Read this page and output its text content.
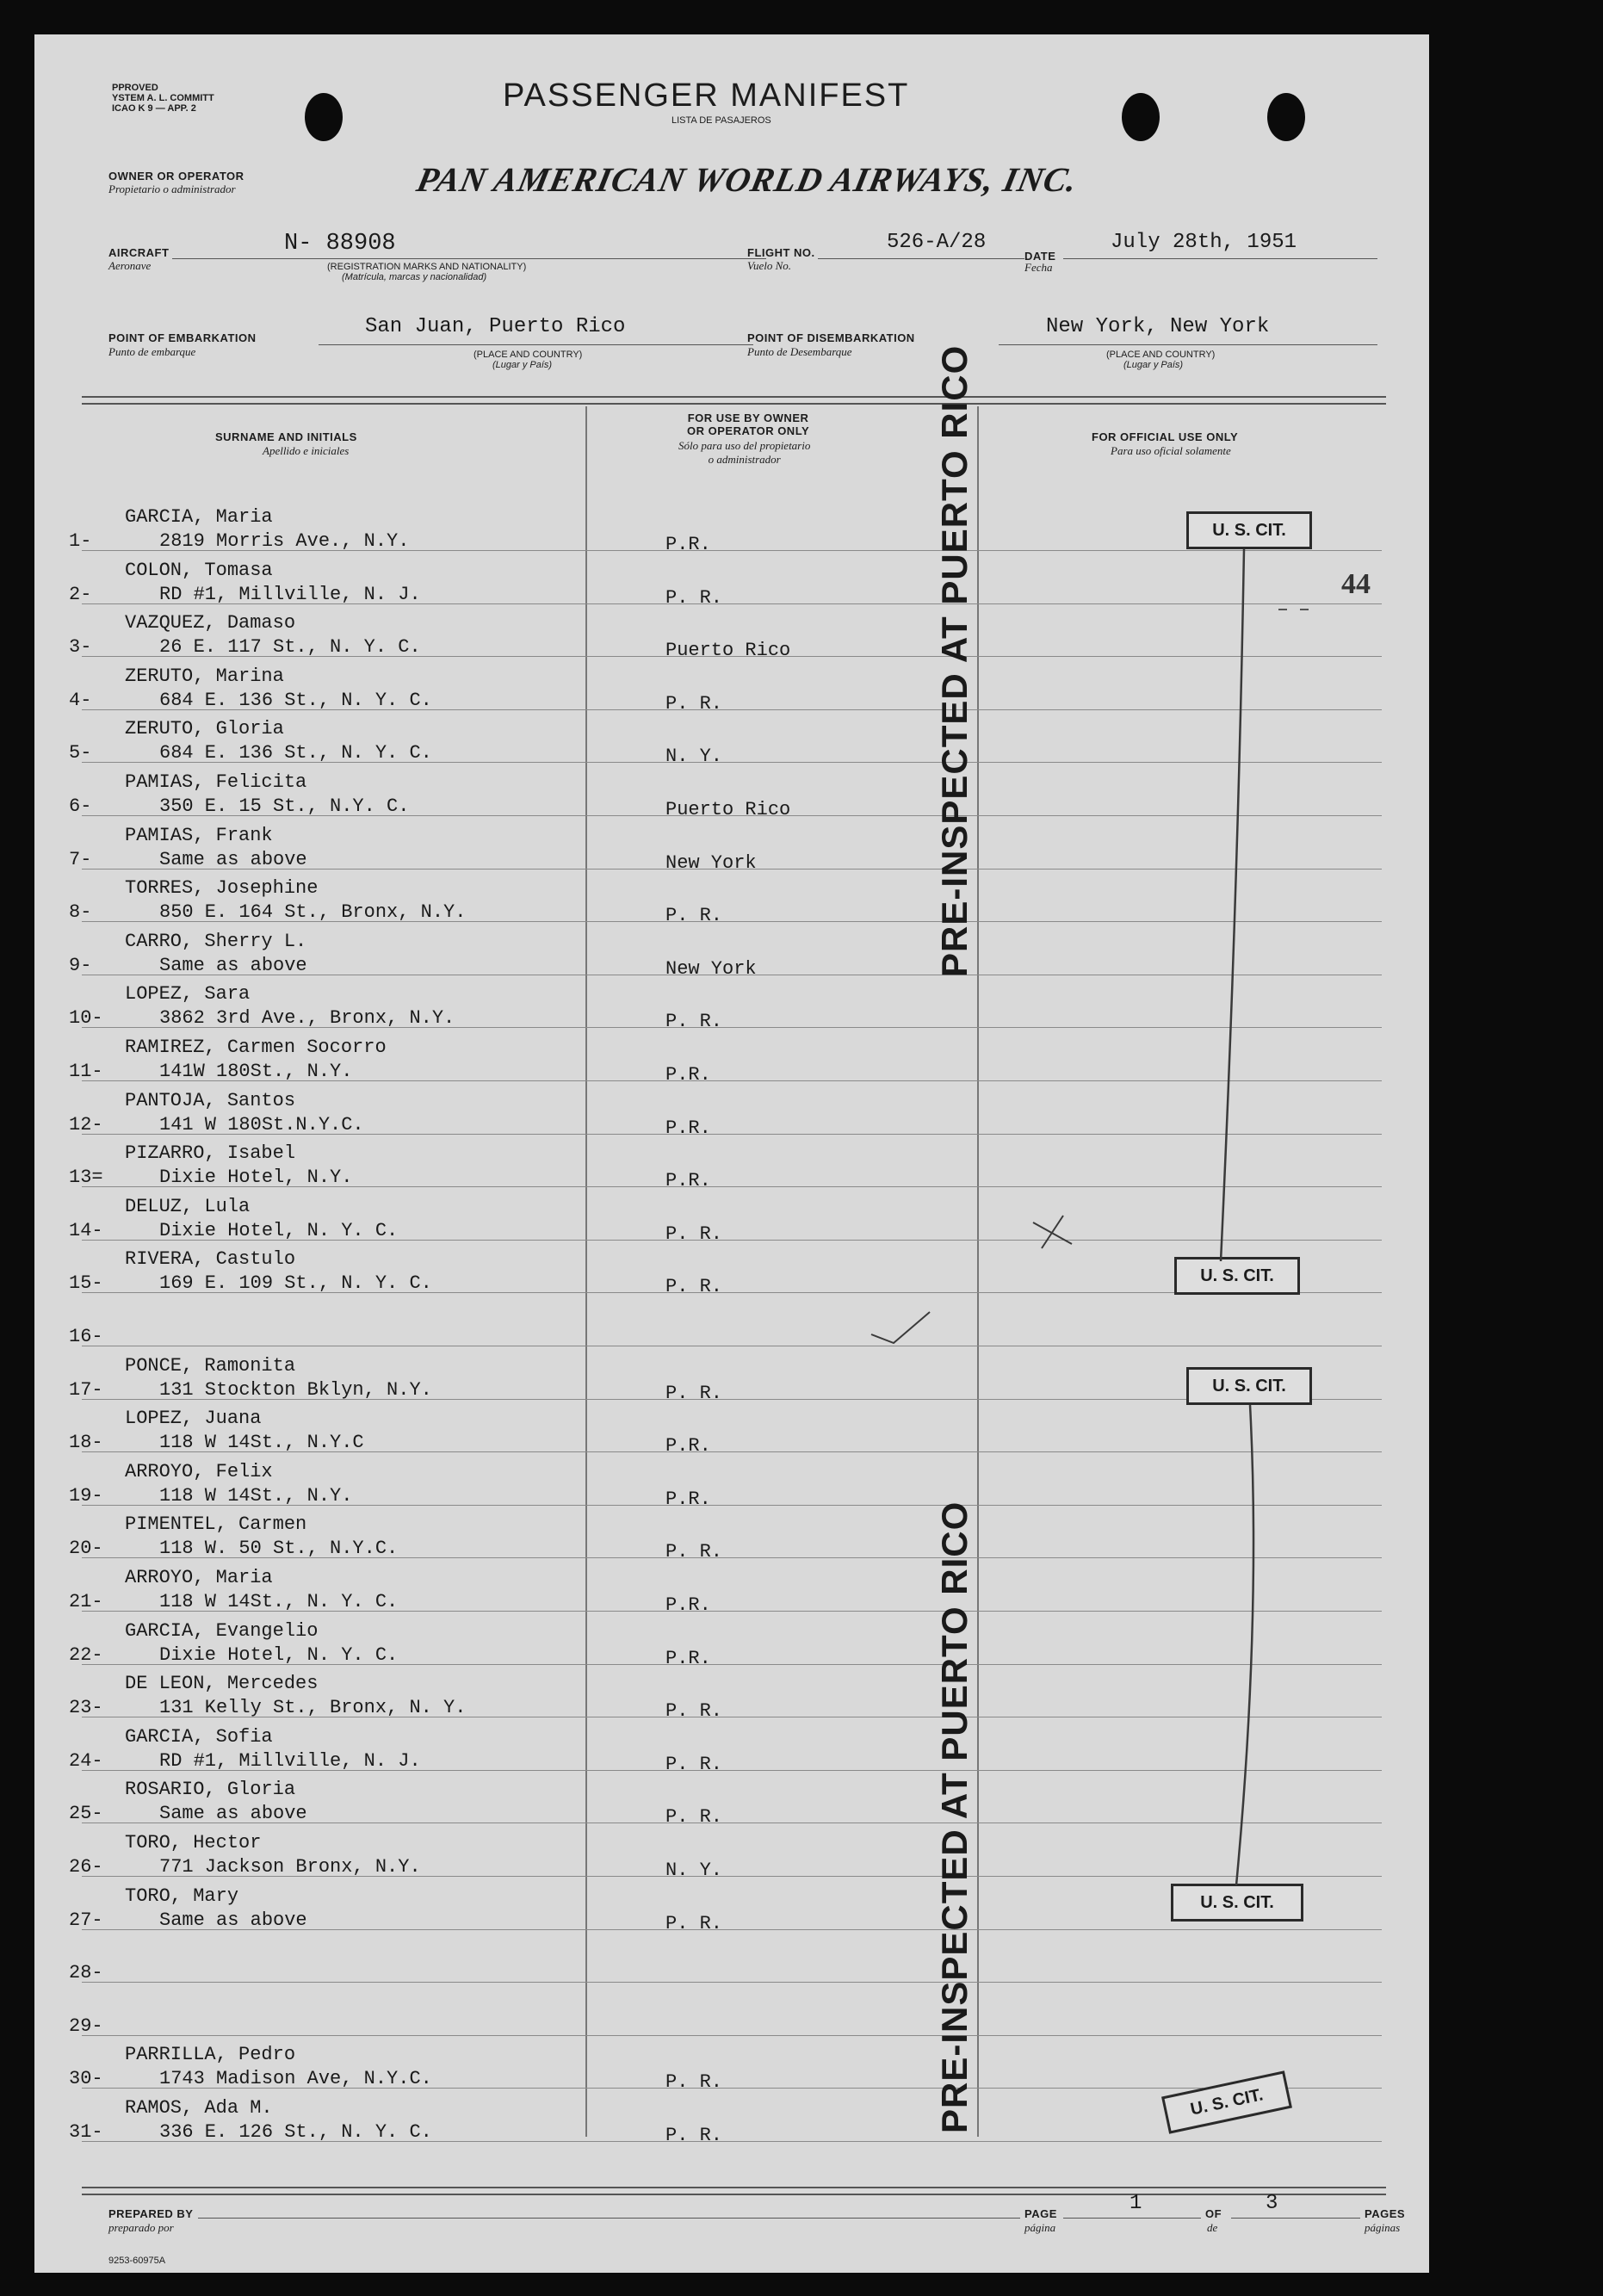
PPROVED
YSTEM A. L. COMMITT
ICAO K 9 — APP. 2	PASSENGER MANIFEST
LISTA DE PASAJEROS
OWNER OR OPERATOR
Propietario o administrador	PAN AMERICAN WORLD AIRWAYS, INC.
AIRCRAFT
Aeronave
N- 88908
(REGISTRATION MARKS AND NATIONALITY)
(Matrícula, marcas y nacionalidad)
FLIGHT NO.
Vuelo No.
526-A/28
DATE
Fecha
July 28th, 1951
POINT OF EMBARKATION
Punto de embarque
San Juan, Puerto Rico
(PLACE AND COUNTRY)
(Lugar y País)
POINT OF DISEMBARKATION
Punto de Desembarque
New York, New York
(PLACE AND COUNTRY)
(Lugar y País)
SURNAME AND INITIALS
Apellido e iniciales
FOR USE BY OWNER
OR OPERATOR ONLY
Sólo para uso del propietario
o administrador
FOR OFFICIAL USE ONLY
Para uso oficial solamente
1-
GARCIA, Maria
2819 Morris Ave., N.Y.	P.R.
2-
COLON, Tomasa
RD #1, Millville, N. J.	P. R.
3-
VAZQUEZ, Damaso
26 E. 117 St., N. Y. C.	Puerto Rico
4-
ZERUTO, Marina
684 E. 136 St., N. Y. C.	P. R.
5-
ZERUTO, Gloria
684 E. 136 St., N. Y. C.	N. Y.
6-
PAMIAS, Felicita
350 E. 15 St., N.Y. C.	Puerto Rico
7-
PAMIAS, Frank
Same as above	New York
8-
TORRES, Josephine
850 E. 164 St., Bronx, N.Y.	P. R.
9-
CARRO, Sherry L.
Same as above	New York
10-
LOPEZ, Sara
3862 3rd Ave., Bronx, N.Y.	P. R.
11-
RAMIREZ, Carmen Socorro
141W 180St., N.Y.	P.R.
12-
PANTOJA, Santos
141 W 180St.N.Y.C.	P.R.
13=
PIZARRO, Isabel
Dixie Hotel, N.Y.	P.R.
14-
DELUZ, Lula
Dixie Hotel, N. Y. C.	P. R.
15-
RIVERA, Castulo
169 E. 109 St., N. Y. C.	P. R.
16-
17-
PONCE, Ramonita
131 Stockton Bklyn, N.Y.	P. R.
18-
LOPEZ, Juana
118 W 14St., N.Y.C	P.R.
19-
ARROYO, Felix
118 W 14St., N.Y.	P.R.
20-
PIMENTEL, Carmen
118 W. 50 St., N.Y.C.	P. R.
21-
ARROYO, Maria
118 W 14St., N. Y. C.	P.R.
22-
GARCIA, Evangelio
Dixie Hotel, N. Y. C.	P.R.
23-
DE LEON, Mercedes
131 Kelly St., Bronx, N. Y.	P. R.
24-
GARCIA, Sofia
RD #1, Millville, N. J.	P. R.
25-
ROSARIO, Gloria
Same as above	P. R.
26-
TORO, Hector
771 Jackson Bronx, N.Y.	N. Y.
27-
TORO, Mary
Same as above	P. R.
28-
29-
30-
PARRILLA, Pedro
1743 Madison Ave, N.Y.C.	P. R.
31-
RAMOS, Ada M.
336 E. 126 St., N. Y. C.	P. R.
PRE-INSPECTED AT PUERTO RICO
PRE-INSPECTED AT PUERTO RICO
U. S. CIT.
U. S. CIT.
U. S. CIT.
U. S. CIT.
U. S. CIT.
44
PREPARED BY
preparado por
PAGE
página
1	OF
de
3	PAGES
páginas
9253-60975A
